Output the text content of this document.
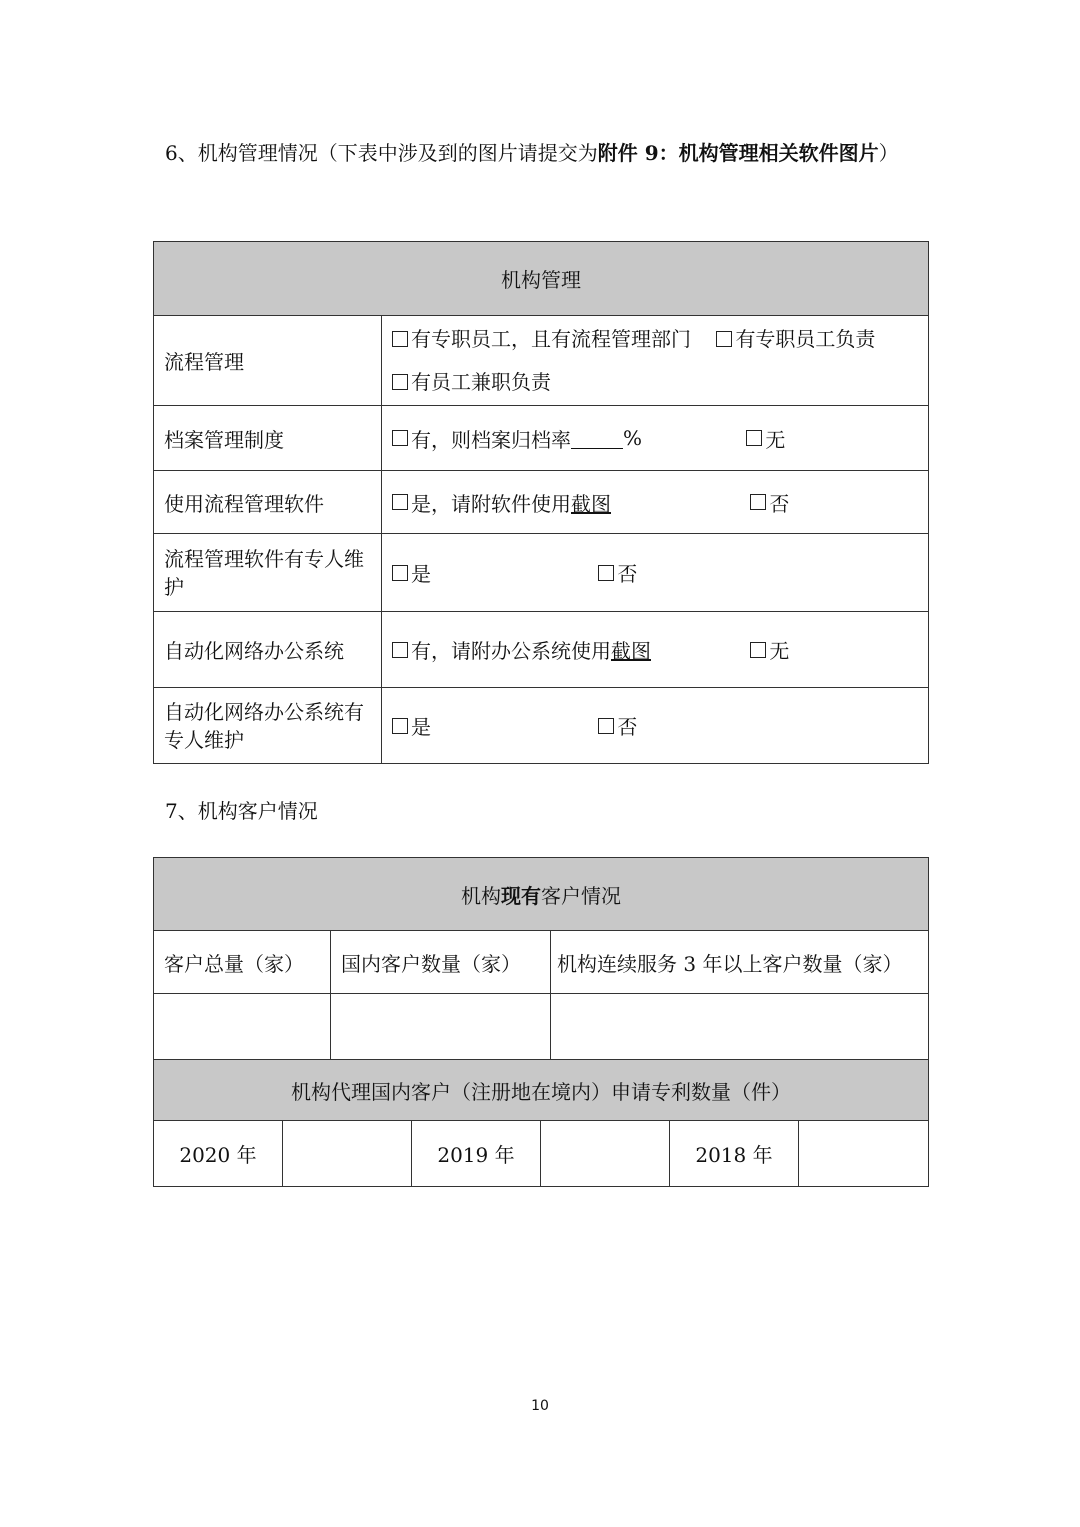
6、机构管理情况（下表中涉及到的图片请提交为附件 9：机构管理相关软件图片）

机构管理	
流程管理	有专职员工，且有流程管理部门
有专职员工负责

有员工兼职负责

档案管理制度	有，则档案归档率 %
无

使用流程管理软件	是，请附软件使用 截图
否

流程管理软件有专人维护	是
否

自动化网络办公系统	有，请附办公系统使用 截图
无

自动化网络办公系统有专人维护	是
否

7、机构客户情况

机构现有客户情况							
客户总量（家）		国内客户数量（家）			机构连续服务 3 年以上客户数量（家）		

机构代理国内客户（注册地在境内）申请专利数量（件）							
2020 年			2019 年			2018 年	
10
